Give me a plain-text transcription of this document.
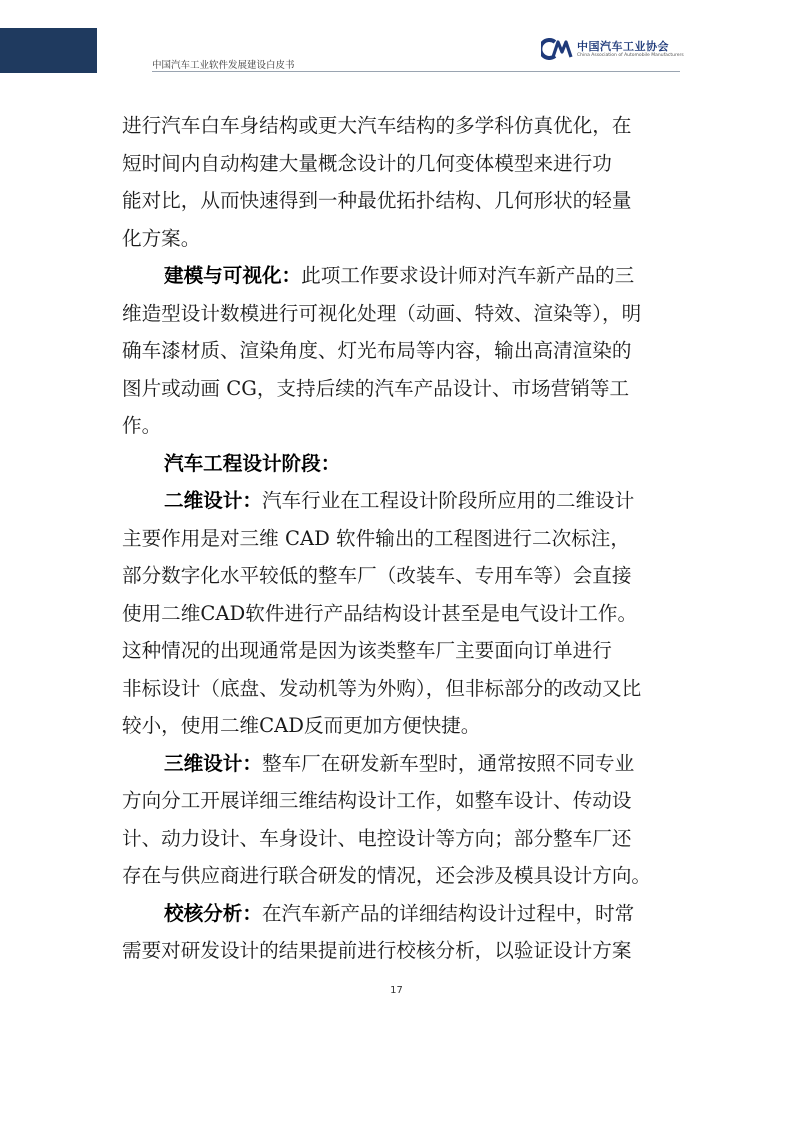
中国汽车工业软件发展建设白皮书
中国汽车工业协会
China Association of Automobile Manufacturers
进行汽车白车身结构或更大汽车结构的多学科仿真优化，在
短时间内自动构建大量概念设计的几何变体模型来进行功
能对比，从而快速得到一种最优拓扑结构、几何形状的轻量
化方案。
建模与可视化：此项工作要求设计师对汽车新产品的三
维造型设计数模进行可视化处理（动画、特效、渲染等），明
确车漆材质、渲染角度、灯光布局等内容，输出高清渲染的
图片或动画 CG，支持后续的汽车产品设计、市场营销等工
作。
汽车工程设计阶段：
二维设计：汽车行业在工程设计阶段所应用的二维设计
主要作用是对三维 CAD 软件输出的工程图进行二次标注，
部分数字化水平较低的整车厂（改装车、专用车等）会直接
使用二维CAD软件进行产品结构设计甚至是电气设计工作。
这种情况的出现通常是因为该类整车厂主要面向订单进行
非标设计（底盘、发动机等为外购），但非标部分的改动又比
较小，使用二维CAD反而更加方便快捷。
三维设计：整车厂在研发新车型时，通常按照不同专业
方向分工开展详细三维结构设计工作，如整车设计、传动设
计、动力设计、车身设计、电控设计等方向；部分整车厂还
存在与供应商进行联合研发的情况，还会涉及模具设计方向。
校核分析：在汽车新产品的详细结构设计过程中，时常
需要对研发设计的结果提前进行校核分析，以验证设计方案
17
